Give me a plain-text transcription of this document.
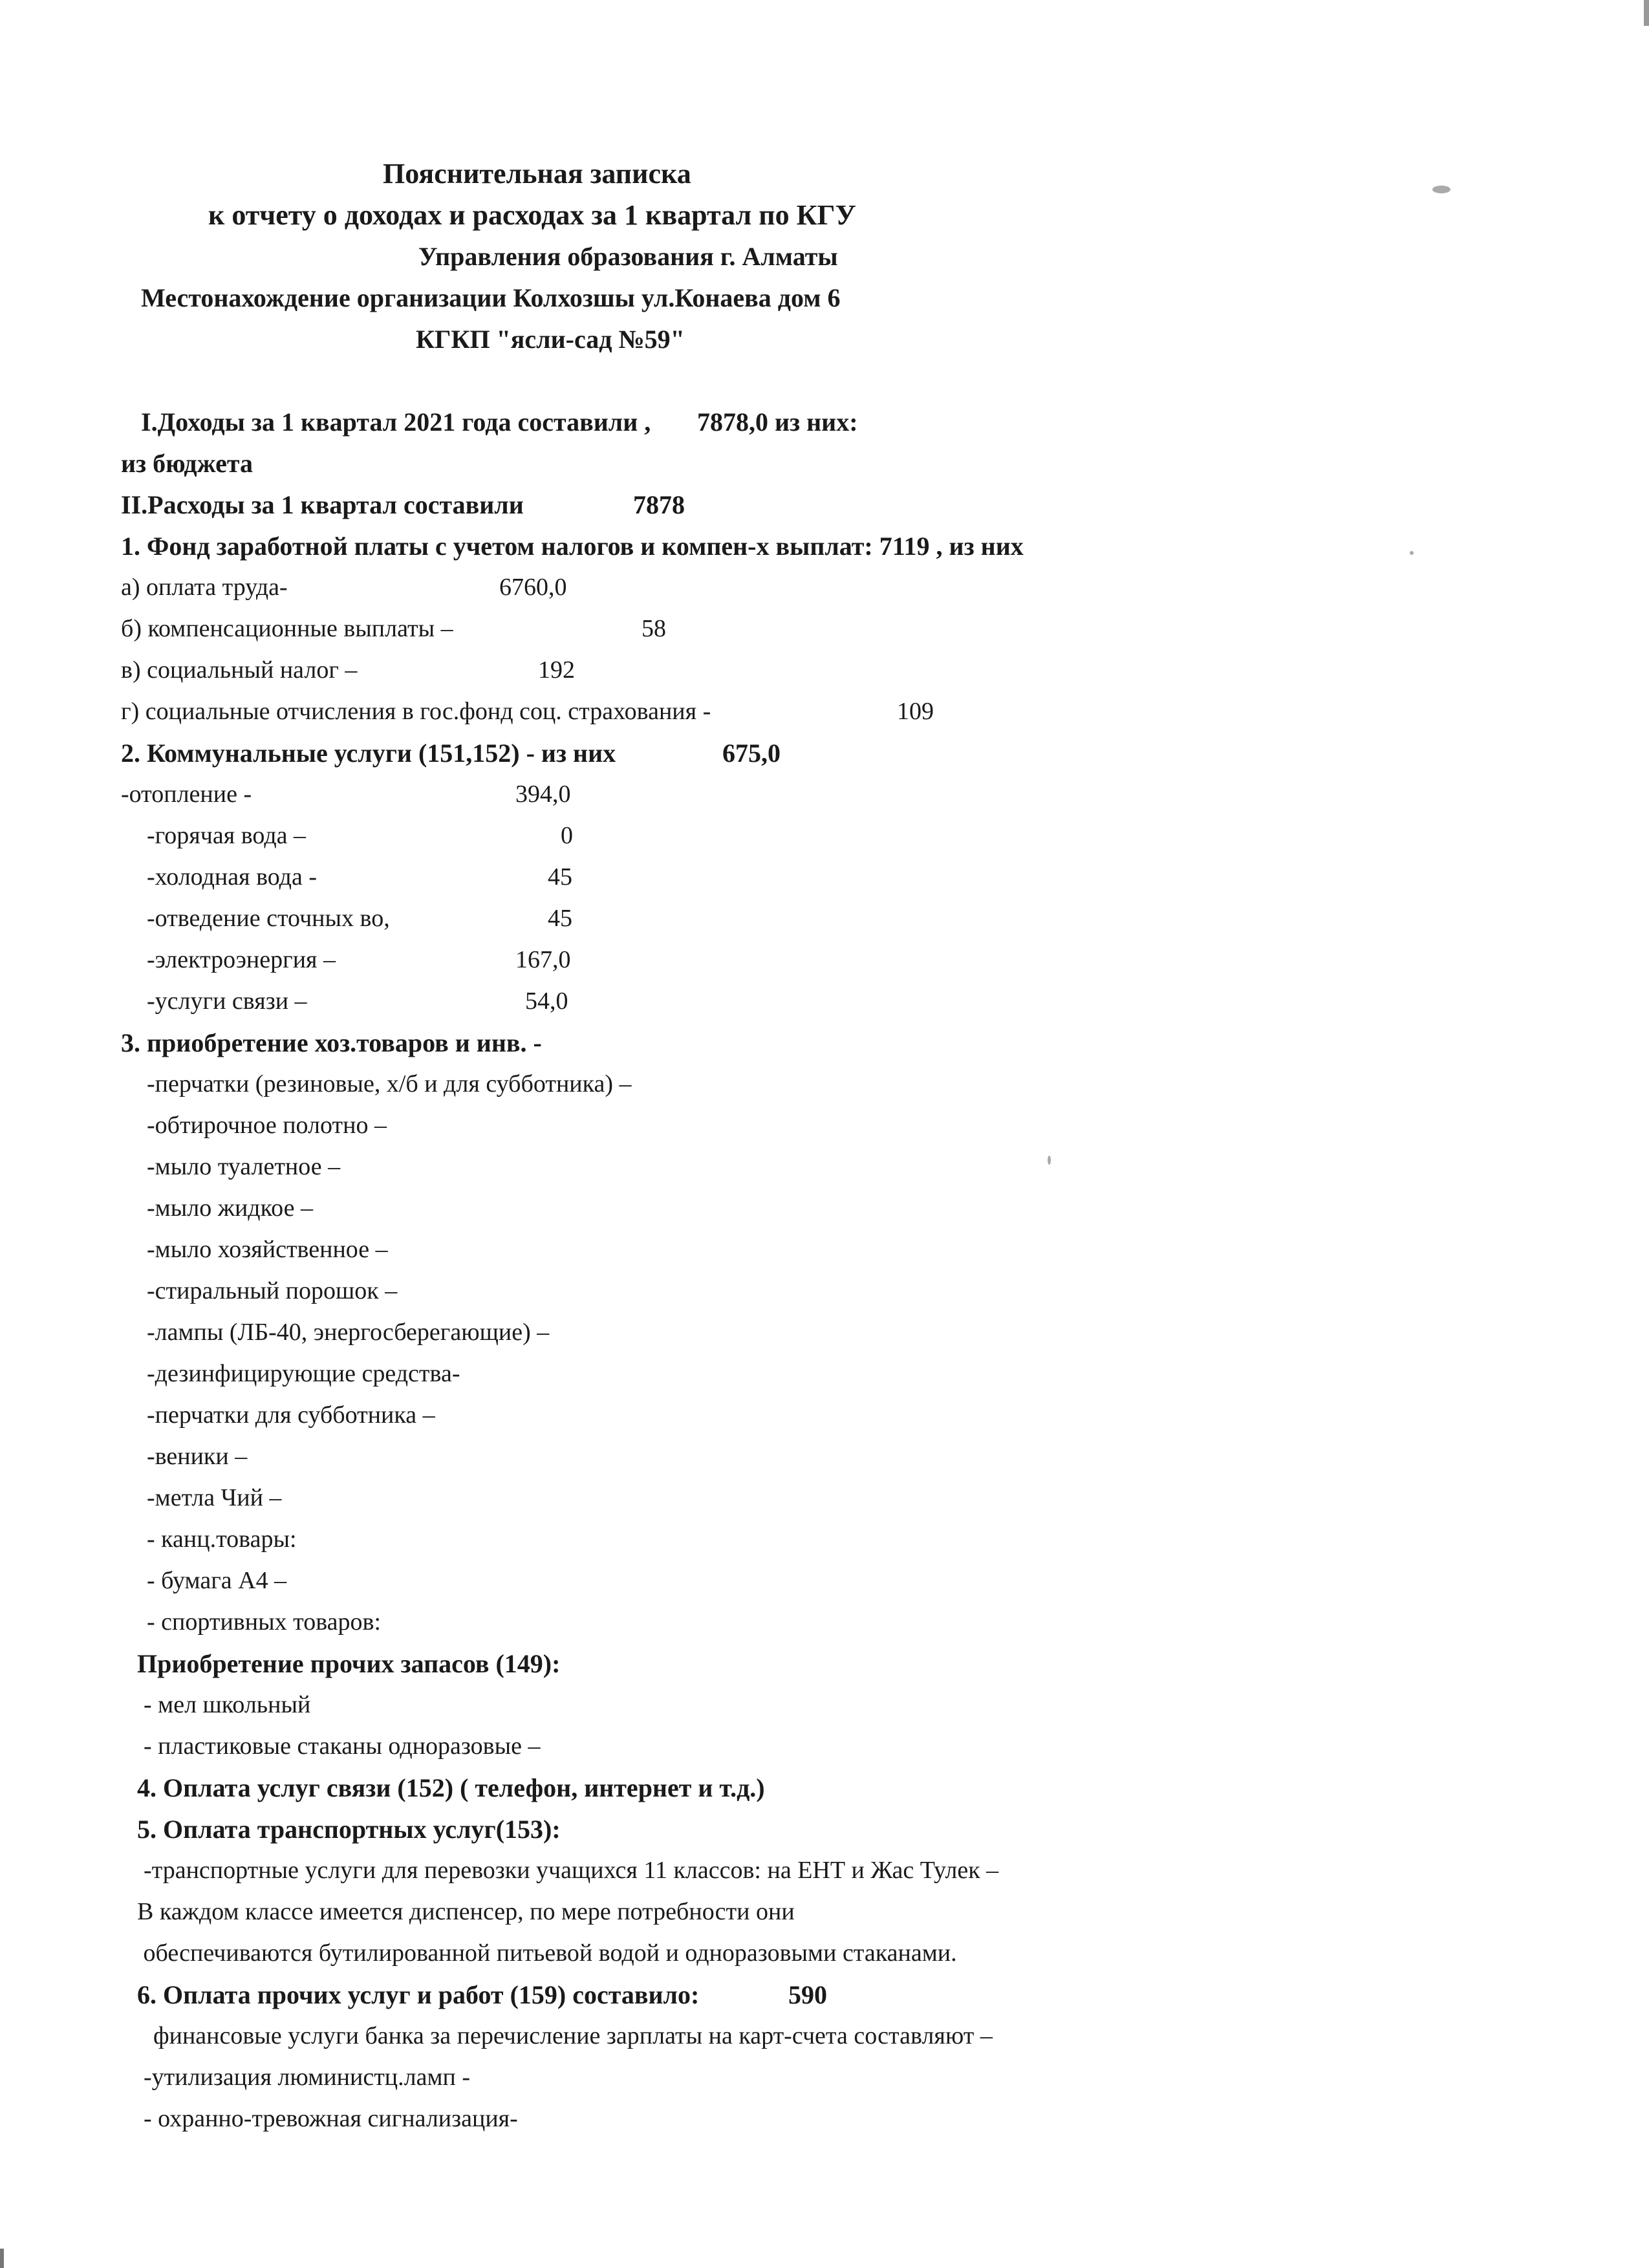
Пояснительная записка
к отчету о доходах и расходах за 1 квартал по КГУ
Управления образования г. Алматы
Местонахождение организации Колхозшы ул.Конаева дом 6
КГКП "ясли-сад №59"
I.Доходы за 1 квартал 2021 года составили , 7878,0 из них:
из бюджета
II.Расходы за 1 квартал составили	7878
1. Фонд заработной платы с учетом налогов и компен-х выплат: 7119 , из них
а) оплата труда-	6760,0
б) компенсационные выплаты –	58
в) социальный налог –	192
г) социальные отчисления в гос.фонд соц. страхования -	109
2. Коммунальные услуги (151,152) - из них	675,0
-отопление -	394,0
-горячая вода –	0
-холодная вода -	45
-отведение сточных во,	45
-электроэнергия –	167,0
-услуги связи –	54,0
3. приобретение хоз.товаров и инв. -
-перчатки (резиновые, х/б и для субботника) –
-обтирочное полотно –
-мыло туалетное –
-мыло жидкое –
-мыло хозяйственное –
-стиральный порошок –
-лампы (ЛБ-40, энергосберегающие) –
-дезинфицирующие средства-
-перчатки для субботника –
-веники –
-метла Чий –
- канц.товары:
- бумага А4 –
- спортивных товаров:
Приобретение прочих запасов (149):
- мел школьный
- пластиковые стаканы одноразовые –
4. Оплата услуг связи (152) ( телефон, интернет и т.д.)
5. Оплата транспортных услуг(153):
-транспортные услуги для перевозки учащихся 11 классов: на ЕНТ и Жас Тулек –
В каждом классе имеется диспенсер, по мере потребности они
обеспечиваются бутилированной питьевой водой и одноразовыми стаканами.
6. Оплата прочих услуг и работ (159) составило:	590
финансовые услуги банка за перечисление зарплаты на карт-счета составляют –
-утилизация люминистц.ламп -
- охранно-тревожная сигнализация-
